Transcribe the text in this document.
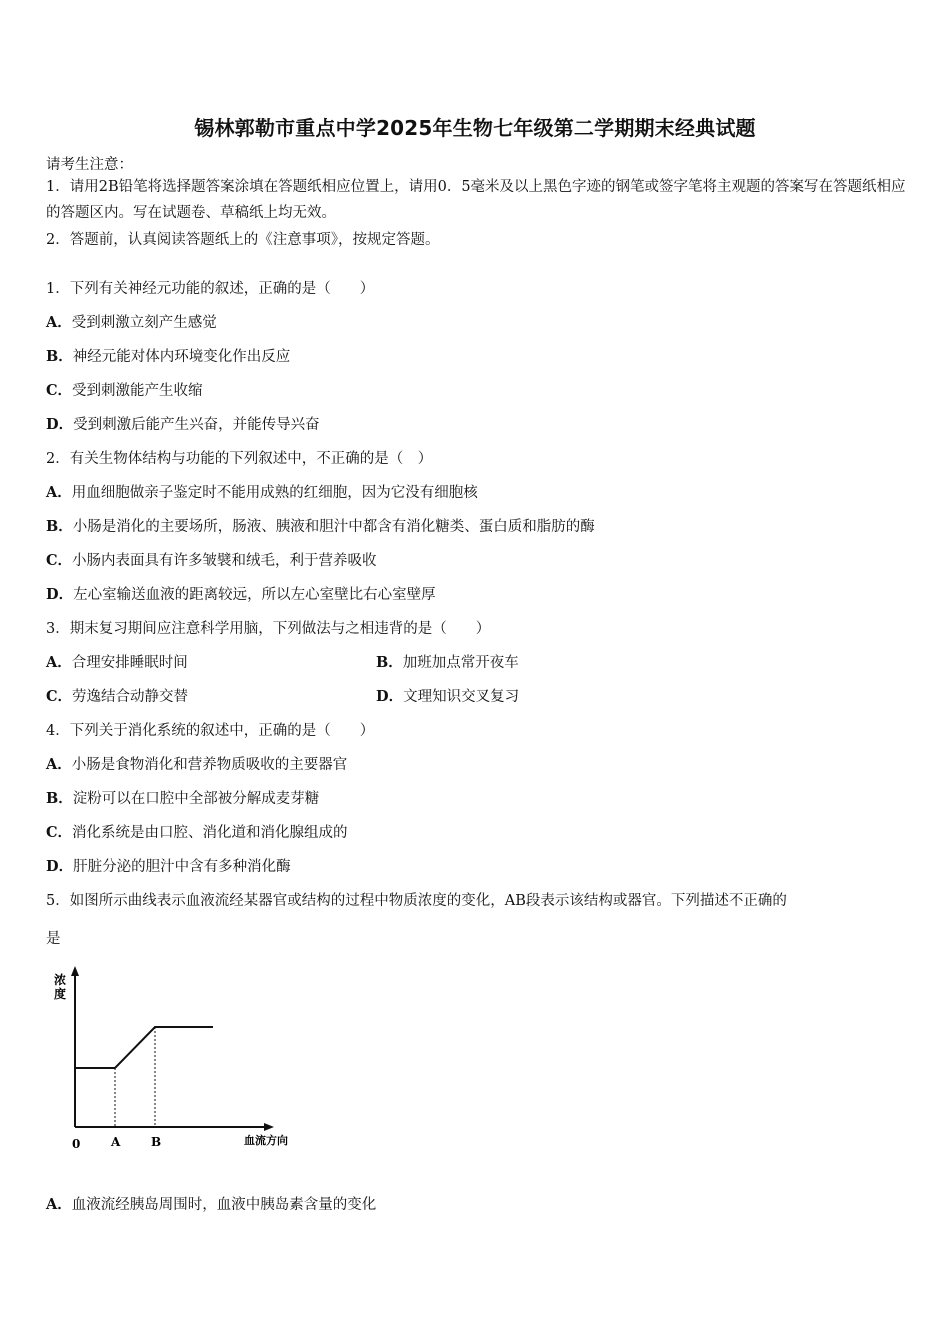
锡林郭勒市重点中学2025年生物七年级第二学期期末经典试题
请考生注意：
1．请用2B铅笔将选择题答案涂填在答题纸相应位置上，请用0．5毫米及以上黑色字迹的钢笔或签字笔将主观题的答案写在答题纸相应的答题区内。写在试题卷、草稿纸上均无效。
2．答题前，认真阅读答题纸上的《注意事项》，按规定答题。
1．下列有关神经元功能的叙述，正确的是（　　）
A．受到刺激立刻产生感觉
B．神经元能对体内环境变化作出反应
C．受到刺激能产生收缩
D．受到刺激后能产生兴奋，并能传导兴奋
2．有关生物体结构与功能的下列叙述中，不正确的是（　）
A．用血细胞做亲子鉴定时不能用成熟的红细胞，因为它没有细胞核
B．小肠是消化的主要场所，肠液、胰液和胆汁中都含有消化糖类、蛋白质和脂肪的酶
C．小肠内表面具有许多皱襞和绒毛，利于营养吸收
D．左心室输送血液的距离较远，所以左心室壁比右心室壁厚
3．期末复习期间应注意科学用脑，下列做法与之相违背的是（　　）
A．合理安排睡眠时间	B．加班加点常开夜车
C．劳逸结合动静交替	D．文理知识交叉复习
4．下列关于消化系统的叙述中，正确的是（　　）
A．小肠是食物消化和营养物质吸收的主要器官
B．淀粉可以在口腔中全部被分解成麦芽糖
C．消化系统是由口腔、消化道和消化腺组成的
D．肝脏分泌的胆汁中含有多种消化酶
5．如图所示曲线表示血液流经某器官或结构的过程中物质浓度的变化，AB段表示该结构或器官。下列描述不正确的
是
浓
度
0	A	B	血流方向
A．血液流经胰岛周围时，血液中胰岛素含量的变化
